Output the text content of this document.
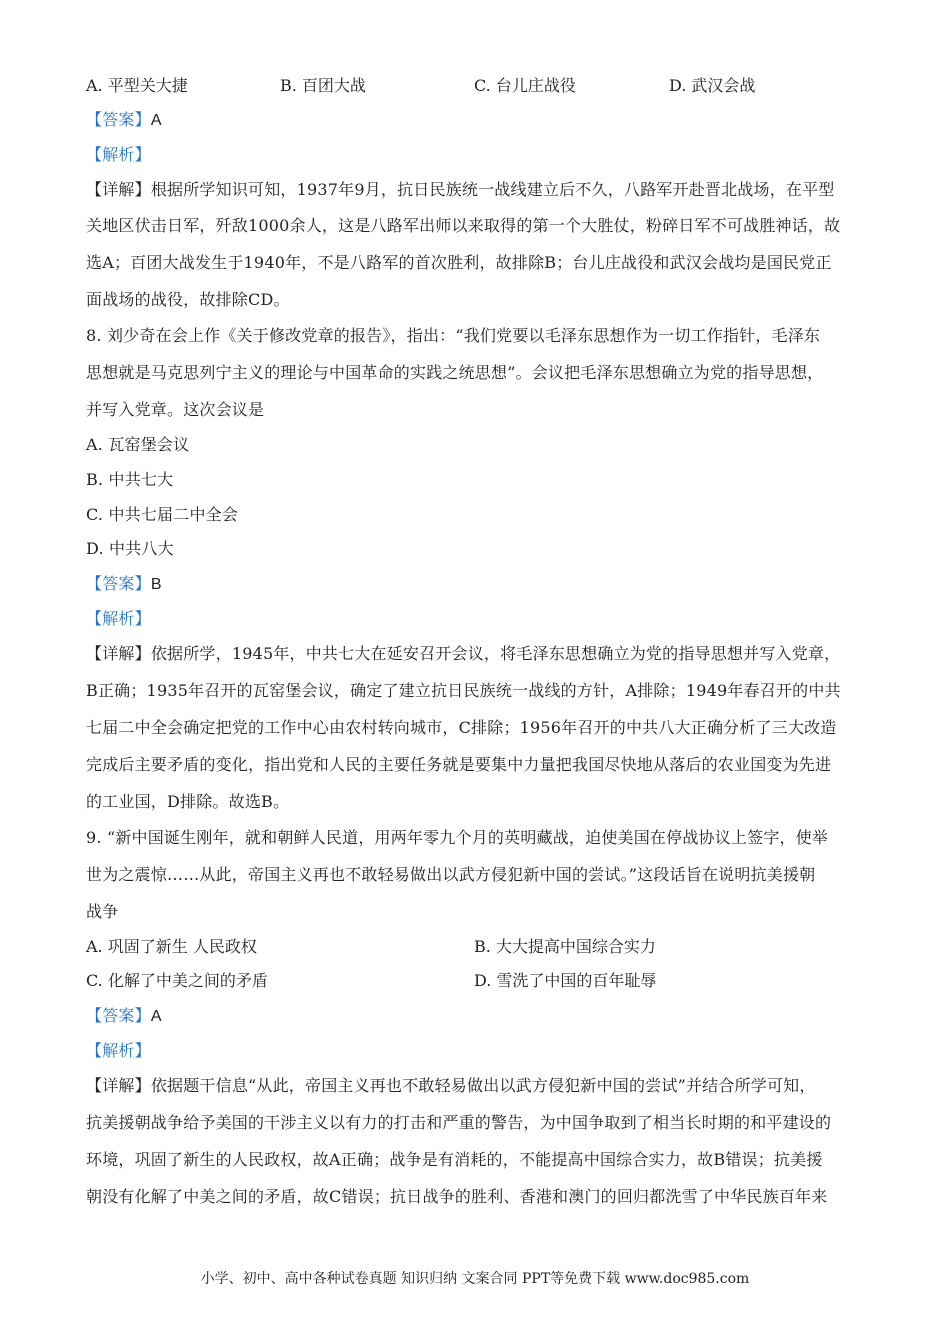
A. 平型关大捷	B. 百团大战	C. 台儿庄战役	D. 武汉会战
【答案】A
【解析】
【详解】根据所学知识可知，1937年9月，抗日民族统一战线建立后不久，八路军开赴晋北战场，在平型
关地区伏击日军，歼敌1000余人，这是八路军出师以来取得的第一个大胜仗，粉碎日军不可战胜神话，故
选A；百团大战发生于1940年，不是八路军的首次胜利，故排除B；台儿庄战役和武汉会战均是国民党正
面战场的战役，故排除CD。
8. 刘少奇在会上作《关于修改党章的报告》，指出：“我们党要以毛泽东思想作为一切工作指针，毛泽东
思想就是马克思列宁主义的理论与中国革命的实践之统思想”。会议把毛泽东思想确立为党的指导思想，
并写入党章。这次会议是
A. 瓦窑堡会议
B. 中共七大
C. 中共七届二中全会
D. 中共八大
【答案】B
【解析】
【详解】依据所学，1945年，中共七大在延安召开会议，将毛泽东思想确立为党的指导思想并写入党章，
B正确；1935年召开的瓦窑堡会议，确定了建立抗日民族统一战线的方针，A排除；1949年春召开的中共
七届二中全会确定把党的工作中心由农村转向城市，C排除；1956年召开的中共八大正确分析了三大改造
完成后主要矛盾的变化，指出党和人民的主要任务就是要集中力量把我国尽快地从落后的农业国变为先进
的工业国，D排除。故选B。
9. “新中国诞生刚年，就和朝鲜人民道，用两年零九个月的英明藏战，迫使美国在停战协议上签字，使举
世为之震惊……从此，帝国主义再也不敢轻易做出以武方侵犯新中国的尝试。”这段话旨在说明抗美援朝
战争
A. 巩固了新生 人民政权	B. 大大提高中国综合实力
C. 化解了中美之间的矛盾	D. 雪洗了中国的百年耻辱
【答案】A
【解析】
【详解】依据题干信息“从此，帝国主义再也不敢轻易做出以武方侵犯新中国的尝试”并结合所学可知，
抗美援朝战争给予美国的干涉主义以有力的打击和严重的警告，为中国争取到了相当长时期的和平建设的
环境，巩固了新生的人民政权，故A正确；战争是有消耗的，不能提高中国综合实力，故B错误；抗美援
朝没有化解了中美之间的矛盾，故C错误；抗日战争的胜利、香港和澳门的回归都洗雪了中华民族百年来
小学、初中、高中各种试卷真题 知识归纳 文案合同 PPT等免费下载 www.doc985.com
